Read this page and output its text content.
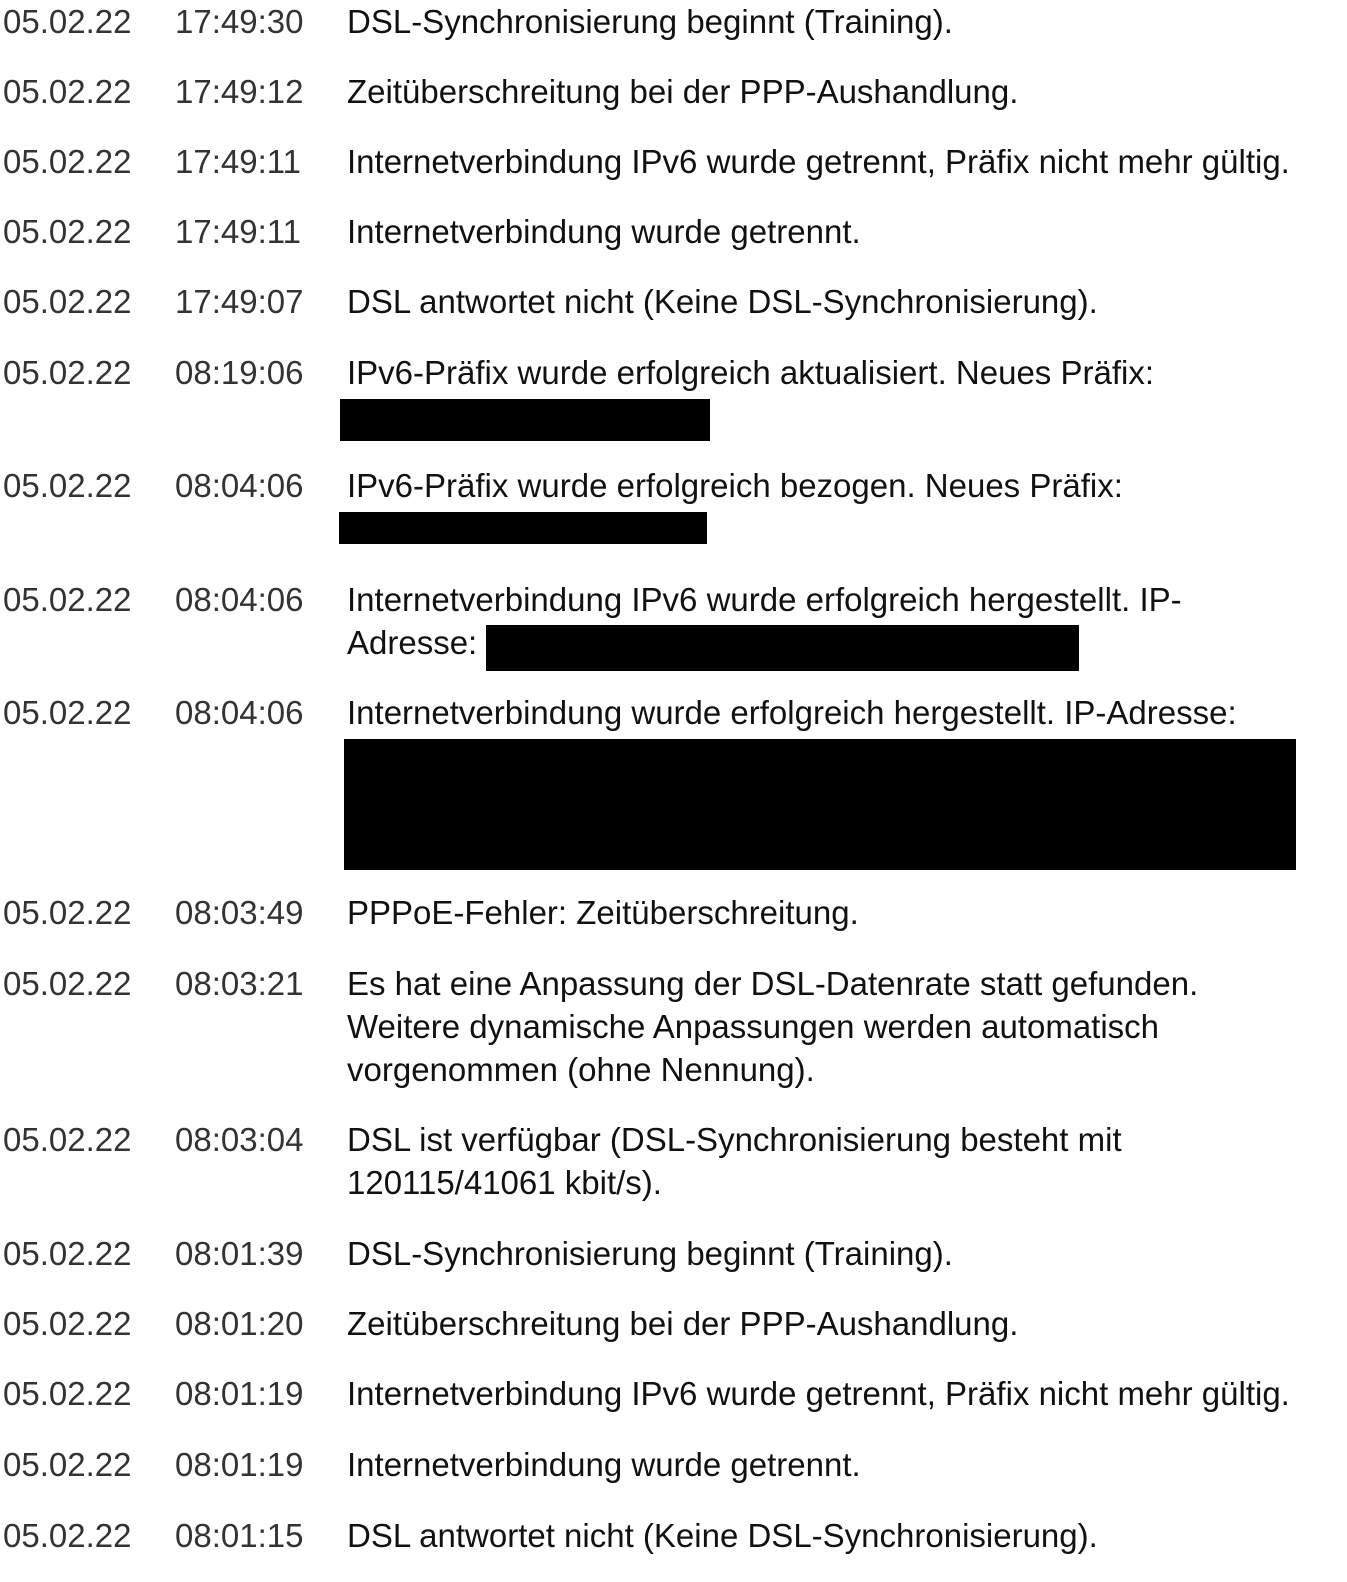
05.02.22 17:49:30 DSL-Synchronisierung beginnt (Training).
05.02.22 17:49:12 Zeitüberschreitung bei der PPP-Aushandlung.
05.02.22 17:49:11 Internetverbindung IPv6 wurde getrennt, Präfix nicht mehr gültig.
05.02.22 17:49:11 Internetverbindung wurde getrennt.
05.02.22 17:49:07 DSL antwortet nicht (Keine DSL-Synchronisierung).
05.02.22 08:19:06 IPv6-Präfix wurde erfolgreich aktualisiert. Neues Präfix:
05.02.22 08:04:06 IPv6-Präfix wurde erfolgreich bezogen. Neues Präfix:
05.02.22 08:04:06 Internetverbindung IPv6 wurde erfolgreich hergestellt. IP-
Adresse:
05.02.22 08:04:06 Internetverbindung wurde erfolgreich hergestellt. IP-Adresse:
05.02.22 08:03:49 PPPoE-Fehler: Zeitüberschreitung.
05.02.22 08:03:21 Es hat eine Anpassung der DSL-Datenrate statt gefunden.
Weitere dynamische Anpassungen werden automatisch
vorgenommen (ohne Nennung).
05.02.22 08:03:04 DSL ist verfügbar (DSL-Synchronisierung besteht mit
120115/41061 kbit/s).
05.02.22 08:01:39 DSL-Synchronisierung beginnt (Training).
05.02.22 08:01:20 Zeitüberschreitung bei der PPP-Aushandlung.
05.02.22 08:01:19 Internetverbindung IPv6 wurde getrennt, Präfix nicht mehr gültig.
05.02.22 08:01:19 Internetverbindung wurde getrennt.
05.02.22 08:01:15 DSL antwortet nicht (Keine DSL-Synchronisierung).
